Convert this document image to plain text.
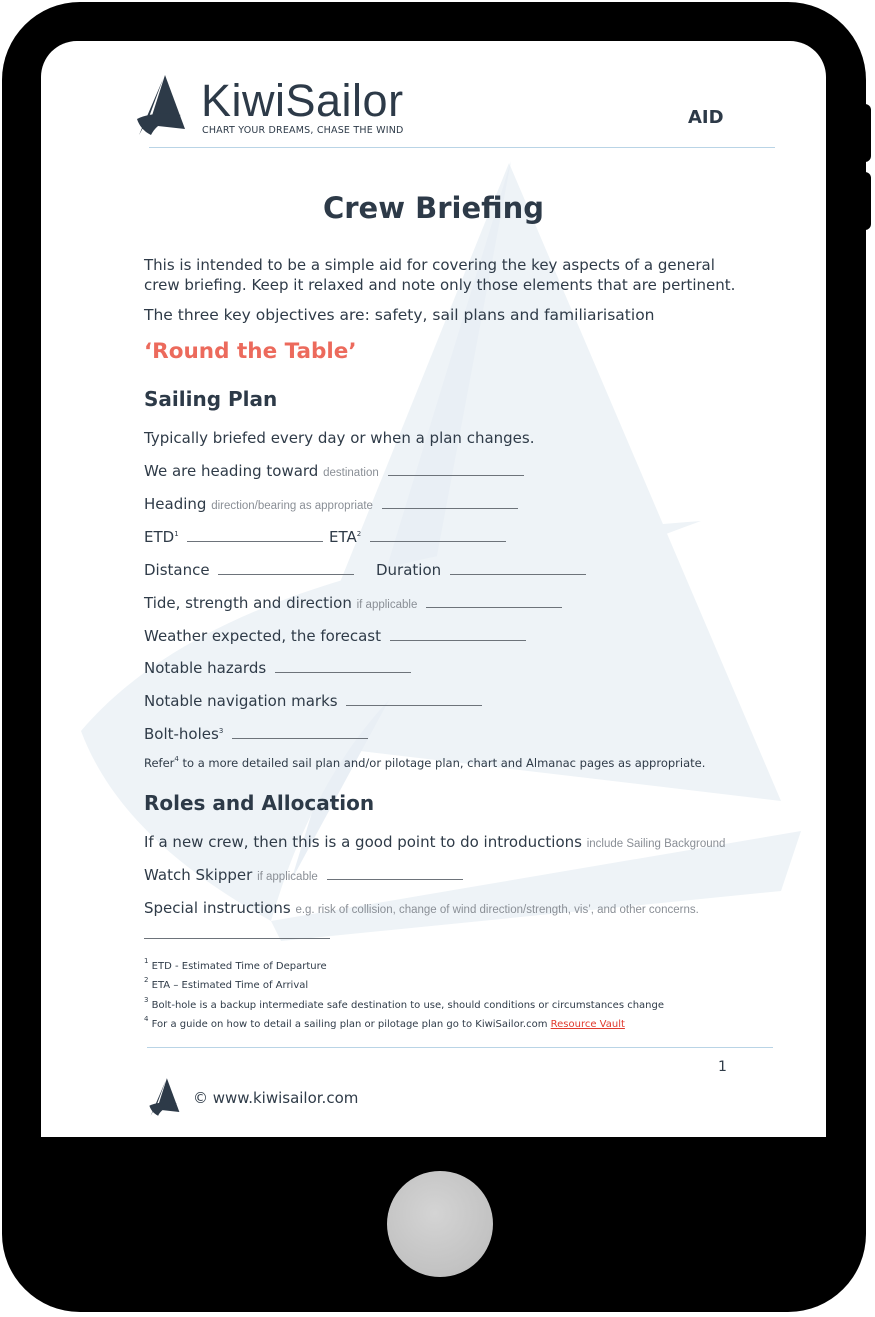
KiwiSailor
CHART YOUR DREAMS, CHASE THE WIND
AID
Crew Briefing
This is intended to be a simple aid for covering the key aspects of a general crew briefing. Keep it relaxed and note only those elements that are pertinent.
The three key objectives are: safety, sail plans and familiarisation
‘Round the Table’
Sailing Plan
Typically briefed every day or when a plan changes.
We are heading toward destination
Heading direction/bearing as appropriate
ETD$^1$	ETA$^2$
Distance	Duration
Tide, strength and direction if applicable
Weather expected, the forecast
Notable hazards
Notable navigation marks
Bolt-holes$^3$
Refer$^4$ to a more detailed sail plan and/or pilotage plan, chart and Almanac pages as appropriate.
Roles and Allocation
If a new crew, then this is a good point to do introductions include Sailing Background
Watch Skipper if applicable
Special instructions e.g. risk of collision, change of wind direction/strength, vis’, and other concerns.
$^1$ ETD - Estimated Time of Departure
$^2$ ETA – Estimated Time of Arrival
$^3$ Bolt-hole is a backup intermediate safe destination to use, should conditions or circumstances change
$^4$ For a guide on how to detail a sailing plan or pilotage plan go to KiwiSailor.com Resource Vault
1
© www.kiwisailor.com
